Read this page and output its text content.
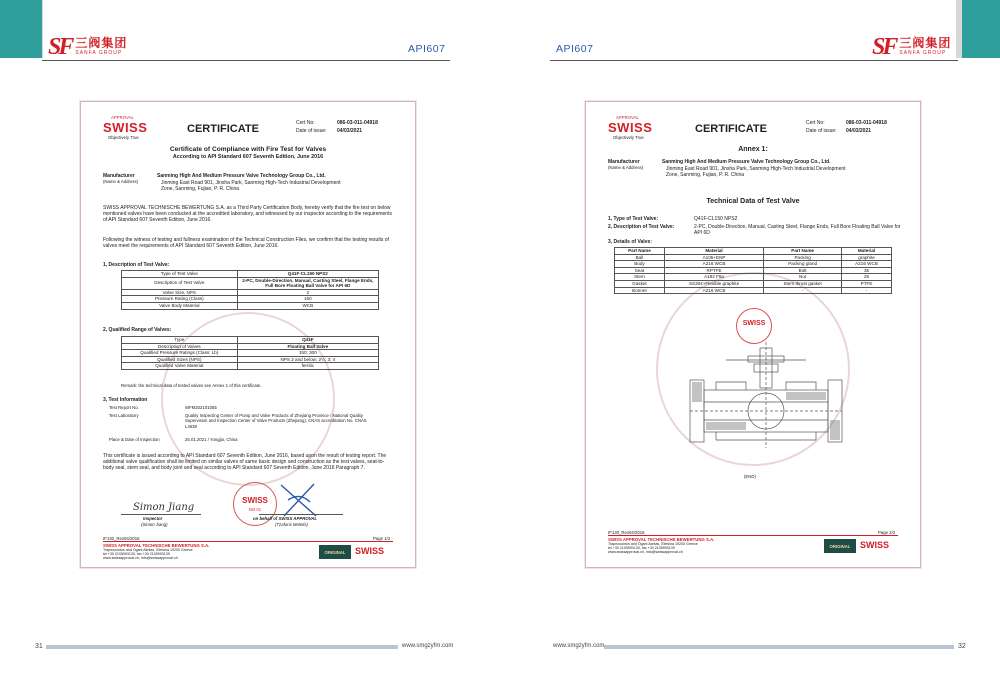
SF 三阀集团
SANFA GROUP	API607	API607	SF 三阀集团
SANFA GROUP
APPROVAL
SWISS
Objectively True
CERTIFICATE	Cert No:	086-03-011-04918
Date of issue: 04/03/2021
Certificate of Compliance with Fire Test for Valves
According to API Standard 607 Seventh Edition, June 2016
Manufacturer
(Name & Address)
Sanming High And Medium Pressure Valve Technology Group Co., Ltd.
Jinming East Road 901, Jinsha Park, Sanming High-Tech Industrial Development
Zone, Sanming, Fujian, P. R. China
SWISS APPROVAL TECHNISCHE BEWERTUNG S.A. as a Third Party Certification Body, hereby verify that the fire test on below mentioned valves have been conducted at the accredited laboratory, and witnessed by our inspector according to the requirements of API Standard 607 Seventh Edition, June 2016.
Following the witness of testing and fullness examination of the Technical Construction Files, we confirm that the testing results of valves meet the requirements of API Standard 607 Seventh Edition, June 2016.
1, Description of Test Valve:
Type of Test Valve	Q41F-CL150 NPS2
Description of Test Valve	2-PC, Double-Direction, Manual, Casting Steel, Flange Ends, Full Bore Floating Ball Valve for API 6D
Valve Size, NPS	2
Pressure Rating (Class)	150
Valve Body Material	WCB
2, Qualified Range of Valves:
Type	Q41F
Description of Valves	Floating Ball Valve
Qualified Pressure Ratings (Class: Lb)	150; 300
Qualified Sizes (NPS)	NPS 2 and below; 2½; 3; 4
Qualified Valve Material	ferritic
Remark: the technical data of tested valves see Annex 1 of this certificate.
3, Test Information
Test Report No.	WFM202101055
Test Laboratory	Quality Inspecting Center of Pump and Valve Products of Zhejiang Province / National Quality Supervision and Inspection Center of Valve Products (Zhejiang), CNAS accreditation No. CNAS L4638
Place & Date of Inspection	25.01.2021 / Yongjia, China
This certificate is issued according to API Standard 607 Seventh Edition, June 2016, based upon the result of testing report. The additional valve qualification shall be limited on similar valves of same basic design and construction as the test valves, seat-to-body seal, stem seal, and body joint and seal according to API Standard 607 Seventh Edition, June 2016 Paragraph 7.
Simon Jiang
Inspector
(Simon Jiang)
SWISS
NO.01
on behalf of SWISS APPROVAL
(Tzafaris Meletis)
IF130_Rev04/2016	Page 1/2
SWISS APPROVAL TECHNISCHE BEWERTUNG S.A.
Trapezountos and Ogani Akritas, Elefsina 19200 Greece
tel +30 2105993130, fax +30 2105993139
www.swissapproval.ch, info@swissapproval.ch
ORIGINAL	SWISS
APPROVAL
SWISS
Objectively True
CERTIFICATE	Cert No:	086-03-011-04918
Date of issue: 04/03/2021
Annex 1:
Manufacturer
(Name & Address)
Sanming High And Medium Pressure Valve Technology Group Co., Ltd.
Jinming East Road 901, Jinsha Park, Sanming High-Tech Industrial Development
Zone, Sanming, Fujian, P. R. China
Technical Data of Test Valve
1, Type of Test Valve:	Q41F-CL150 NPS2
2, Description of Test Valve:	2-PC, Double-Direction, Manual, Casting Steel, Flange Ends, Full Bore Floating Ball Valve for API 6D
3, Details of Valve:
Part Name	Material	Part Name	Material
Ball	A105+ENP	Packing	graphite
Body	A216 WCB	Packing gland	A216 WCB
Seat	RPTFE	Bolt	35
Stem	A182 F6a	Nut	25
Gasket	SS304+Flexible graphite	Stem thrust gasket	PTFE
Bonnet	A216 WCB	-	-
SWISS
(END)
IF130_Rev04/2016	Page 2/2
SWISS APPROVAL TECHNISCHE BEWERTUNG S.A.
Trapezountos and Ogani Akritas, Elefsina 19200 Greece
tel +30 2105993130, fax +30 2105993139
www.swissapproval.ch, info@swissapproval.ch
ORIGINAL	SWISS
31	www.smgzyfm.com	www.smgzyfm.com	32
